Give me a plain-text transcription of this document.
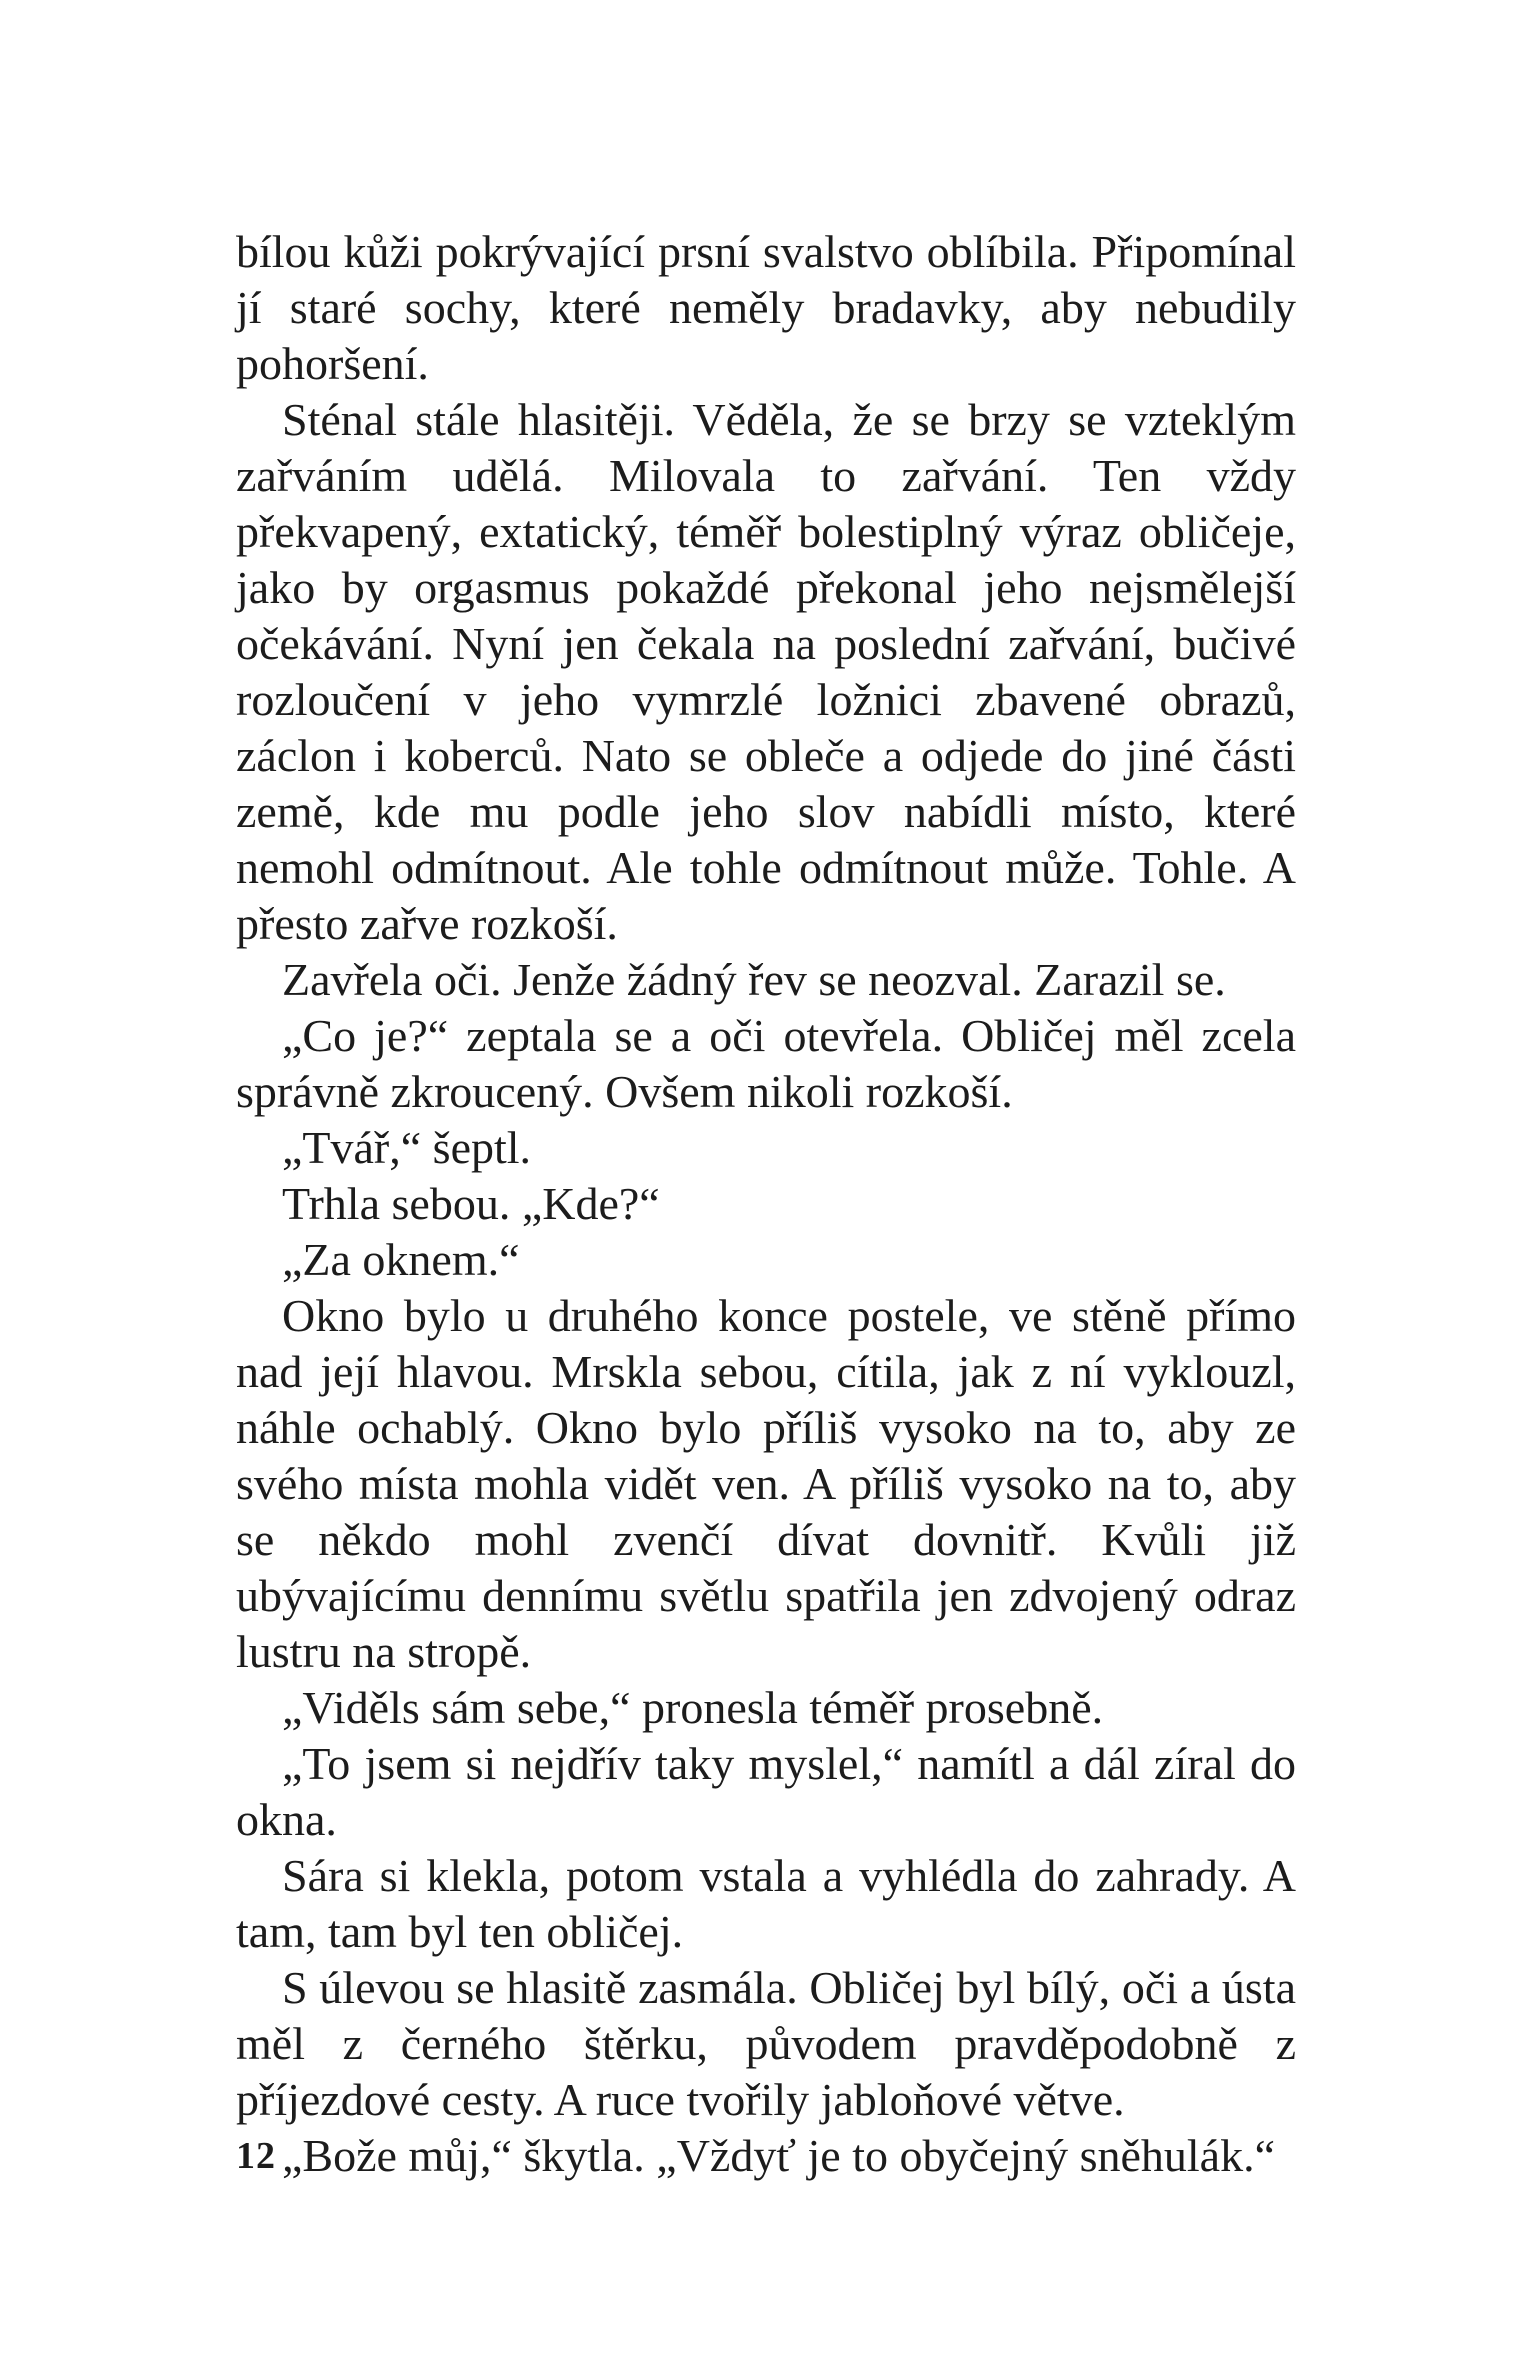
bílou kůži pokrývající prsní svalstvo oblíbila. Připomínal jí staré sochy, které neměly bradavky, aby nebudily pohoršení.

Sténal stále hlasitěji. Věděla, že se brzy se vzteklým zařváním udělá. Milovala to zařvání. Ten vždy překvapený, extatický, téměř bolestiplný výraz obličeje, jako by orgasmus pokaždé překonal jeho nejsmělejší očekávání. Nyní jen čekala na poslední zařvání, bučivé rozloučení v jeho vymrzlé ložnici zbavené obrazů, záclon i koberců. Nato se obleče a odjede do jiné části země, kde mu podle jeho slov nabídli místo, které nemohl odmítnout. Ale tohle odmítnout může. Tohle. A přesto zařve rozkoší.

Zavřela oči. Jenže žádný řev se neozval. Zarazil se.

„Co je?“ zeptala se a oči otevřela. Obličej měl zcela správně zkroucený. Ovšem nikoli rozkoší.

„Tvář,“ šeptl.

Trhla sebou. „Kde?“

„Za oknem.“

Okno bylo u druhého konce postele, ve stěně přímo nad její hlavou. Mrskla sebou, cítila, jak z ní vyklouzl, náhle ochablý. Okno bylo příliš vysoko na to, aby ze svého místa mohla vidět ven. A příliš vysoko na to, aby se někdo mohl zvenčí dívat dovnitř. Kvůli již ubývajícímu dennímu světlu spatřila jen zdvojený odraz lustru na stropě.

„Viděls sám sebe,“ pronesla téměř prosebně.

„To jsem si nejdřív taky myslel,“ namítl a dál zíral do okna.

Sára si klekla, potom vstala a vyhlédla do zahrady. A tam, tam byl ten obličej.

S úlevou se hlasitě zasmála. Obličej byl bílý, oči a ústa měl z černého štěrku, původem pravděpodobně z příjezdové cesty. A ruce tvořily jabloňové větve.

„Bože můj,“ škytla. „Vždyť je to obyčejný sněhulák.“

12
